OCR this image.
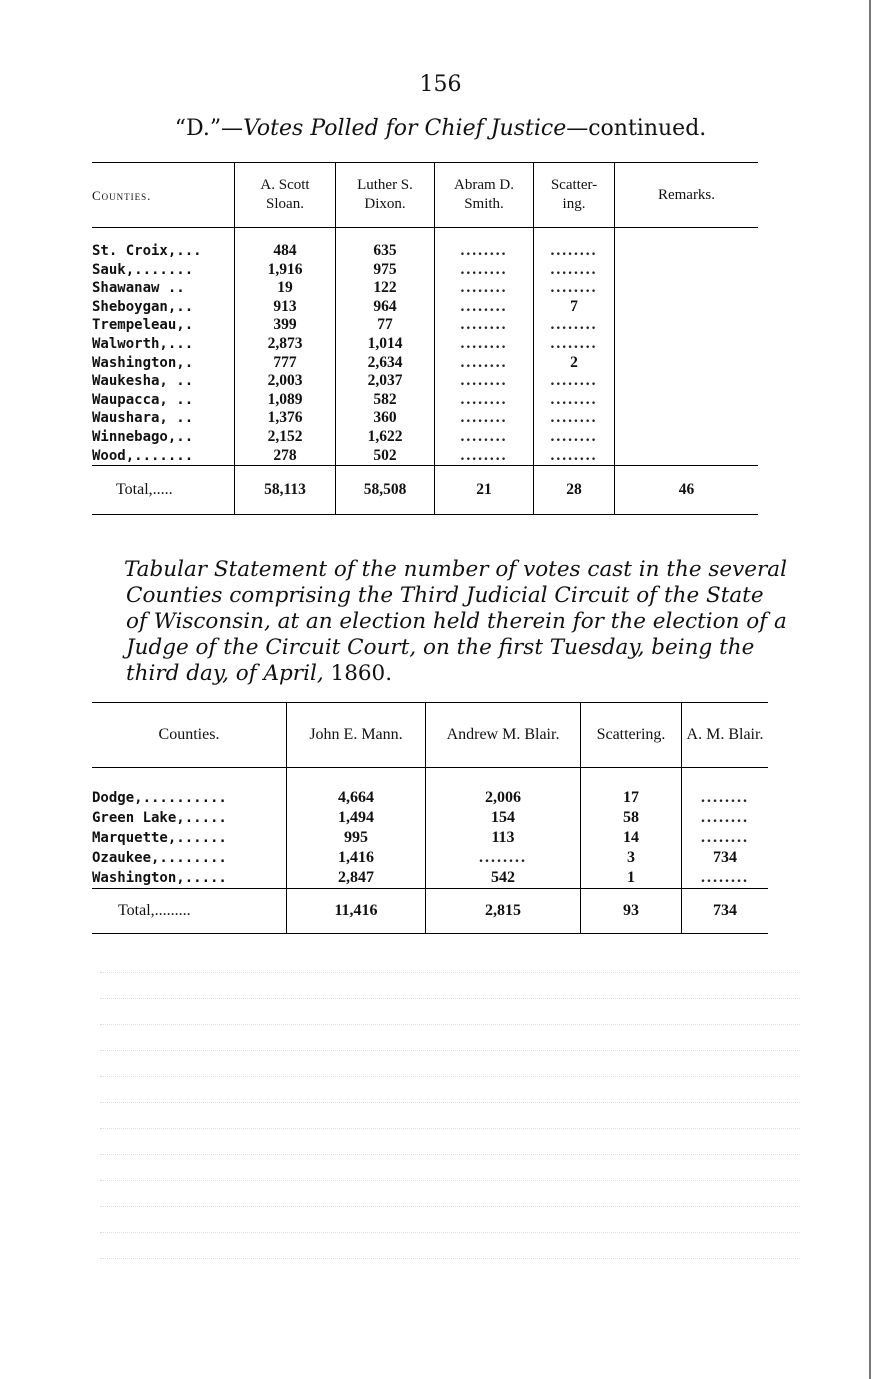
156
“D.”—Votes Polled for Chief Justice—continued.
Counties.	A. Scott Sloan.	Luther S. Dixon.	Abram D. Smith.	Scatter-ing.	Remarks.
St. Croix,...	484	635	........	........	
Sauk,.......	1,916	975	........	........	
Shawanaw ..	19	122	........	........	
Sheboygan,..	913	964	........	7	
Trempeleau,.	399	77	........	........	
Walworth,...	2,873	1,014	........	........	
Washington,.	777	2,634	........	2	
Waukesha, ..	2,003	2,037	........	........	
Waupacca, ..	1,089	582	........	........	
Waushara, ..	1,376	360	........	........	
Winnebago,..	2,152	1,622	........	........	
Wood,.......	278	502	........	........	
Total,.....	58,113	58,508	21	28	46
Tabular Statement of the number of votes cast in the several
Counties comprising the Third Judicial Circuit of the State
of Wisconsin, at an election held therein for the election of a
Judge of the Circuit Court, on the first Tuesday, being the
third day, of April, 1860.
Counties.	John E. Mann.	Andrew M. Blair.	Scattering.	A. M. Blair.
Dodge,..........	4,664	2,006	17	........
Green Lake,.....	1,494	154	58	........
Marquette,......	995	113	14	........
Ozaukee,........	1,416	........	3	734
Washington,.....	2,847	542	1	........
Total,.........	11,416	2,815	93	734
